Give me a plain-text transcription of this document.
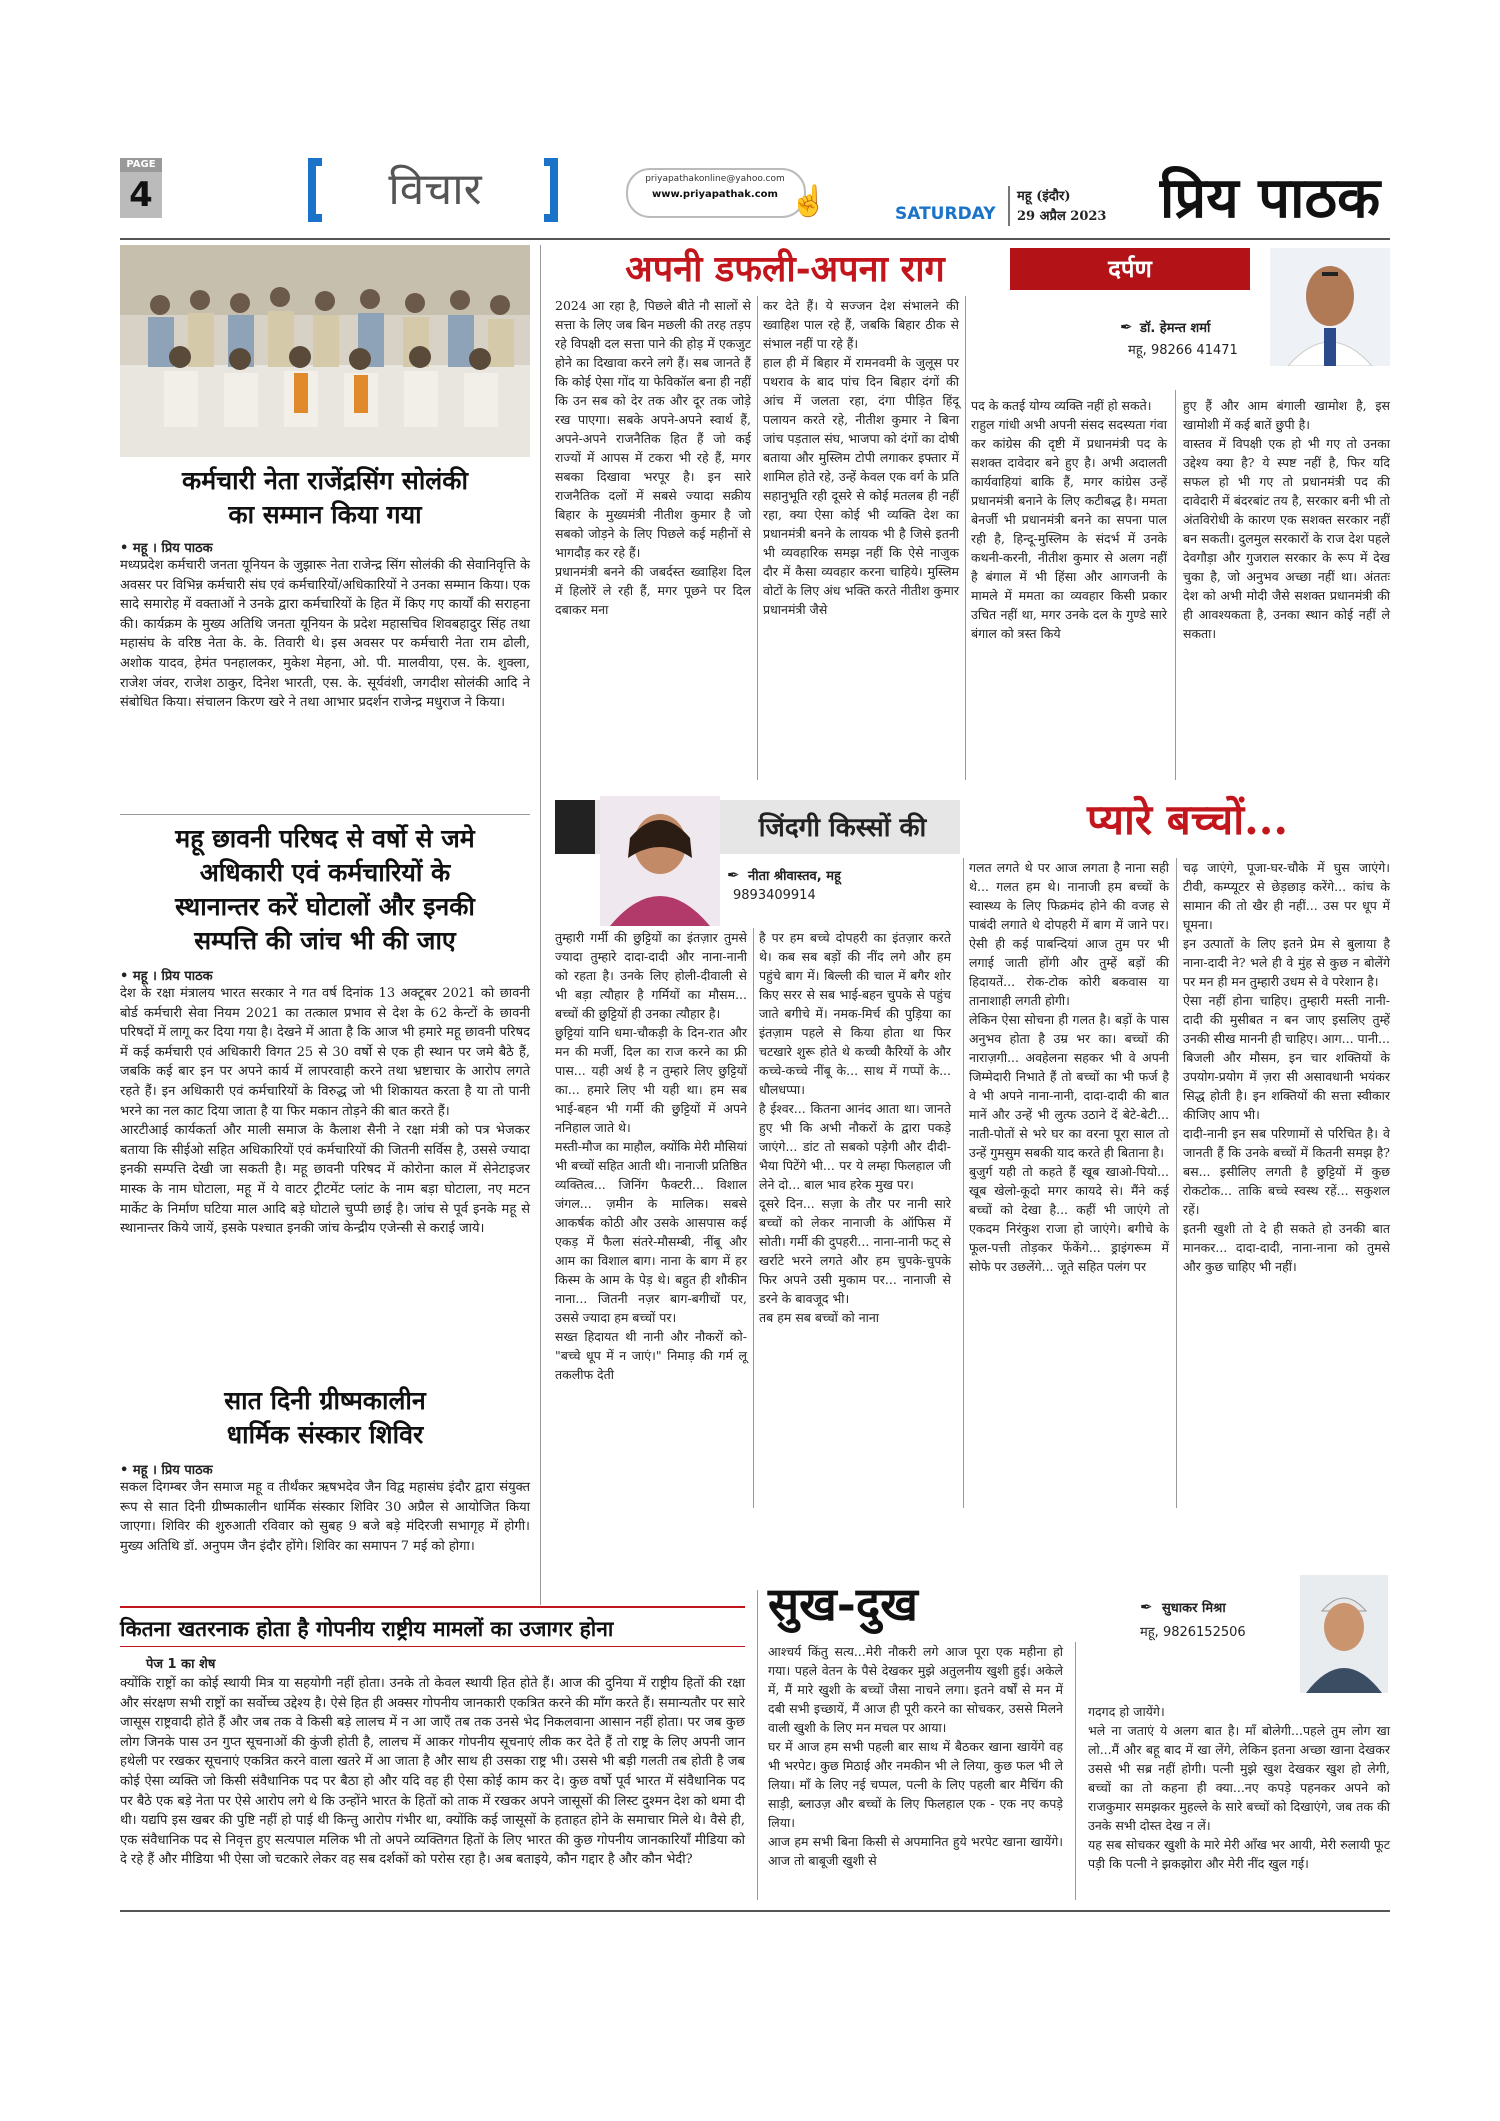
PAGE
4	विचार	priyapathakonline@yahoo.com
www.priyapathak.com ☝	SATURDAY
महू (इंदौर)
29 अप्रैल 2023 प्रिय पाठक
कर्मचारी नेता राजेंद्रसिंग सोलंकी
का सम्मान किया गया
• महू । प्रिय पाठक
मध्यप्रदेश कर्मचारी जनता यूनियन के जुझारू नेता राजेन्द्र सिंग सोलंकी की सेवानिवृत्ति के अवसर पर विभिन्न कर्मचारी संघ एवं कर्मचारियों/अधिकारियों ने उनका सम्मान किया। एक सादे समारोह में वक्ताओं ने उनके द्वारा कर्मचारियों के हित में किए गए कार्यों की सराहना की। कार्यक्रम के मुख्य अतिथि जनता यूनियन के प्रदेश महासचिव शिवबहादुर सिंह तथा महासंघ के वरिष्ठ नेता के. के. तिवारी थे। इस अवसर पर कर्मचारी नेता राम ढोली, अशोक यादव, हेमंत पनहालकर, मुकेश मेहना, ओ. पी. मालवीया, एस. के. शुक्ला, राजेश जंवर, राजेश ठाकुर, दिनेश भारती, एस. के. सूर्यवंशी, जगदीश सोलंकी आदि ने संबोधित किया। संचालन किरण खरे ने तथा आभार प्रदर्शन राजेन्द्र मधुराज ने किया।
महू छावनी परिषद से वर्षो से जमे
अधिकारी एवं कर्मचारियों के
स्थानान्तर करें घोटालों और इनकी
सम्पत्ति की जांच भी की जाए
• महू । प्रिय पाठक
देश के रक्षा मंत्रालय भारत सरकार ने गत वर्ष दिनांक 13 अक्टूबर 2021 को छावनी बोर्ड कर्मचारी सेवा नियम 2021 का तत्काल प्रभाव से देश के 62 केन्टों के छावनी परिषदों में लागू कर दिया गया है। देखने में आता है कि आज भी हमारे महू छावनी परिषद में कई कर्मचारी एवं अधिकारी विगत 25 से 30 वर्षो से एक ही स्थान पर जमे बैठे हैं, जबकि कई बार इन पर अपने कार्य में लापरवाही करने तथा भ्रष्टाचार के आरोप लगते रहते हैं। इन अधिकारी एवं कर्मचारियों के विरुद्ध जो भी शिकायत करता है या तो पानी भरने का नल काट दिया जाता है या फिर मकान तोड़ने की बात करते हैं।
आरटीआई कार्यकर्ता और माली समाज के कैलाश सैनी ने रक्षा मंत्री को पत्र भेजकर बताया कि सीईओ सहित अधिकारियों एवं कर्मचारियों की जितनी सर्विस है, उससे ज्यादा इनकी सम्पत्ति देखी जा सकती है। महू छावनी परिषद में कोरोना काल में सेनेटाइजर मास्क के नाम घोटाला, महू में ये वाटर ट्रीटमेंट प्लांट के नाम बड़ा घोटाला, नए मटन मार्केट के निर्माण घटिया माल आदि बड़े घोटाले चुप्पी छाई है। जांच से पूर्व इनके महू से स्थानान्तर किये जायें, इसके पश्चात इनकी जांच केन्द्रीय एजेन्सी से कराई जाये।
सात दिनी ग्रीष्मकालीन
धार्मिक संस्कार शिविर
• महू । प्रिय पाठक
सकल दिगम्बर जैन समाज महू व तीर्थंकर ऋषभदेव जैन विद्व महासंघ इंदौर द्वारा संयुक्त रूप से सात दिनी ग्रीष्मकालीन धार्मिक संस्कार शिविर 30 अप्रैल से आयोजित किया जाएगा। शिविर की शुरुआती रविवार को सुबह 9 बजे बड़े मंदिरजी सभागृह में होगी। मुख्य अतिथि डॉ. अनुपम जैन इंदौर होंगे। शिविर का समापन 7 मई को होगा।
अपनी डफली-अपना राग	दर्पण
✒ डॉ. हेमन्त शर्मा
महू, 98266 41471
2024 आ रहा है, पिछले बीते नौ सालों से सत्ता के लिए जब बिन मछली की तरह तड़प रहे विपक्षी दल सत्ता पाने की होड़ में एकजुट होने का दिखावा करने लगे हैं। सब जानते हैं कि कोई ऐसा गोंद या फेविकॉल बना ही नहीं कि उन सब को देर तक और दूर तक जोड़े रख पाएगा। सबके अपने-अपने स्वार्थ हैं, अपने-अपने राजनैतिक हित हैं जो कई राज्यों में आपस में टकरा भी रहे हैं, मगर सबका दिखावा भरपूर है। इन सारे राजनैतिक दलों में सबसे ज्यादा सक्रीय बिहार के मुख्यमंत्री नीतीश कुमार है जो सबको जोड़ने के लिए पिछले कई महीनों से भागदौड़ कर रहे हैं।
प्रधानमंत्री बनने की जबर्दस्त ख्वाहिश दिल में हिलोरें ले रही हैं, मगर पूछने पर दिल दबाकर मना
कर देते हैं। ये सज्जन देश संभालने की ख्वाहिश पाल रहे हैं, जबकि बिहार ठीक से संभाल नहीं पा रहे हैं।
हाल ही में बिहार में रामनवमी के जुलूस पर पथराव के बाद पांच दिन बिहार दंगों की आंच में जलता रहा, दंगा पीड़ित हिंदू पलायन करते रहे, नीतीश कुमार ने बिना जांच पड़ताल संघ, भाजपा को दंगों का दोषी बताया और मुस्लिम टोपी लगाकर इफ्तार में शामिल होते रहे, उन्हें केवल एक वर्ग के प्रति सहानुभूति रही दूसरे से कोई मतलब ही नहीं रहा, क्या ऐसा कोई भी व्यक्ति देश का प्रधानमंत्री बनने के लायक भी है जिसे इतनी भी व्यवहारिक समझ नहीं कि ऐसे नाजुक दौर में कैसा व्यवहार करना चाहिये। मुस्लिम वोटों के लिए अंध भक्ति करते नीतीश कुमार प्रधानमंत्री जैसे
पद के कतई योग्य व्यक्ति नहीं हो सकते।
राहुल गांधी अभी अपनी संसद सदस्यता गंवा कर कांग्रेस की दृष्टी में प्रधानमंत्री पद के सशक्त दावेदार बने हुए है। अभी अदालती कार्यवाहियां बाकि हैं, मगर कांग्रेस उन्हें प्रधानमंत्री बनाने के लिए कटीबद्ध है। ममता बेनर्जी भी प्रधानमंत्री बनने का सपना पाल रही है, हिन्दू-मुस्लिम के संदर्भ में उनके कथनी-करनी, नीतीश कुमार से अलग नहीं है बंगाल में भी हिंसा और आगजनी के मामले में ममता का व्यवहार किसी प्रकार उचित नहीं था, मगर उनके दल के गुण्डे सारे बंगाल को त्रस्त किये
हुए हैं और आम बंगाली खामोश है, इस खामोशी में कई बातें छुपी है।
वास्तव में विपक्षी एक हो भी गए तो उनका उद्देश्य क्या है? ये स्पष्ट नहीं है, फिर यदि सफल हो भी गए तो प्रधानमंत्री पद की दावेदारी में बंदरबांट तय है, सरकार बनी भी तो अंतविरोधी के कारण एक सशक्त सरकार नहीं बन सकती। दुलमुल सरकारों के राज देश पहले देवगौड़ा और गुजराल सरकार के रूप में देख चुका है, जो अनुभव अच्छा नहीं था। अंततः देश को अभी मोदी जैसे सशक्त प्रधानमंत्री की ही आवश्यकता है, उनका स्थान कोई नहीं ले सकता।
जिंदगी किस्सों की
✒ नीता श्रीवास्तव, महू
9893409914
प्यारे बच्चों...
तुम्हारी गर्मी की छुट्टियों का इंतज़ार तुमसे ज्यादा तुम्हारे दादा-दादी और नाना-नानी को रहता है। उनके लिए होली-दीवाली से भी बड़ा त्यौहार है गर्मियों का मौसम... बच्चों की छुट्टियों ही उनका त्यौहार है।
छुट्टियां यानि धमा-चौकड़ी के दिन-रात और मन की मर्जी, दिल का राज करने का फ्री पास... यही अर्थ है न तुम्हारे लिए छुट्टियों का... हमारे लिए भी यही था। हम सब भाई-बहन भी गर्मी की छुट्टियों में अपने ननिहाल जाते थे।
मस्ती-मौज का माहौल, क्योंकि मेरी मौसियां भी बच्चों सहित आती थी। नानाजी प्रतिष्ठित व्यक्तित्व... जिनिंग फैक्टरी... विशाल जंगल... ज़मीन के मालिक। सबसे आकर्षक कोठी और उसके आसपास कई एकड़ में फैला संतरे-मौसम्बी, नींबू और आम का विशाल बाग। नाना के बाग में हर किस्म के आम के पेड़ थे। बहुत ही शौकीन नाना... जितनी नज़र बाग-बगीचों पर, उससे ज्यादा हम बच्चों पर।
सख्त हिदायत थी नानी और नौकरों को- "बच्चे धूप में न जाएं।" निमाड़ की गर्म लू तकलीफ देती
है पर हम बच्चे दोपहरी का इंतज़ार करते थे। कब सब बड़ों की नींद लगे और हम पहुंचे बाग में। बिल्ली की चाल में बगैर शोर किए सरर से सब भाई-बहन चुपके से पहुंच जाते बगीचे में। नमक-मिर्च की पुड़िया का इंतज़ाम पहले से किया होता था फिर चटखारे शुरू होते थे कच्ची कैरियों के और कच्चे-कच्चे नींबू के... साथ में गप्पों के... धौलधप्पा।
है ईश्वर... कितना आनंद आता था। जानते हुए भी कि अभी नौकरों के द्वारा पकड़े जाएंगे... डांट तो सबको पड़ेगी और दीदी-भैया पिटेंगे भी... पर ये लम्हा फिलहाल जी लेने दो... बाल भाव हरेक मुख पर।
दूसरे दिन... सज़ा के तौर पर नानी सारे बच्चों को लेकर नानाजी के ऑफिस में सोती। गर्मी की दुपहरी... नाना-नानी फट् से खर्राटे भरने लगते और हम चुपके-चुपके फिर अपने उसी मुकाम पर... नानाजी से डरने के बावजूद भी।
तब हम सब बच्चों को नाना
गलत लगते थे पर आज लगता है नाना सही थे... गलत हम थे। नानाजी हम बच्चों के स्वास्थ्य के लिए फिक्रमंद होने की वजह से पाबंदी लगाते थे दोपहरी में बाग में जाने पर। ऐसी ही कई पाबन्दियां आज तुम पर भी लगाई जाती होंगी और तुम्हें बड़ों की हिदायतें... रोक-टोक कोरी बकवास या तानाशाही लगती होगी।
लेकिन ऐसा सोचना ही गलत है। बड़ों के पास अनुभव होता है उम्र भर का। बच्चों की नाराज़गी... अवहेलना सहकर भी वे अपनी जिम्मेदारी निभाते हैं तो बच्चों का भी फर्ज है वे भी अपने नाना-नानी, दादा-दादी की बात मानें और उन्हें भी लुत्फ उठाने दें बेटे-बेटी... नाती-पोतों से भरे घर का वरना पूरा साल तो उन्हें गुमसुम सबकी याद करते ही बिताना है।
बुजुर्ग यही तो कहते हैं खूब खाओ-पियो... खूब खेलो-कूदो मगर कायदे से। मैंने कई बच्चों को देखा है... कहीं भी जाएंगे तो एकदम निरंकुश राजा हो जाएंगे। बगीचे के फूल-पत्ती तोड़कर फेंकेंगे... ड्राइंगरूम में सोफे पर उछलेंगे... जूते सहित पलंग पर
चढ़ जाएंगे, पूजा-घर-चौके में घुस जाएंगे। टीवी, कम्प्यूटर से छेड़छाड़ करेंगे... कांच के सामान की तो खैर ही नहीं... उस पर धूप में घूमना।
इन उत्पातों के लिए इतने प्रेम से बुलाया है नाना-दादी ने? भले ही वे मुंह से कुछ न बोलेंगे पर मन ही मन तुम्हारी उधम से वे परेशान है।
ऐसा नहीं होना चाहिए। तुम्हारी मस्ती नानी-दादी की मुसीबत न बन जाए इसलिए तुम्हें उनकी सीख माननी ही चाहिए। आग... पानी... बिजली और मौसम, इन चार शक्तियों के उपयोग-प्रयोग में ज़रा सी असावधानी भयंकर सिद्ध होती है। इन शक्तियों की सत्ता स्वीकार कीजिए आप भी।
दादी-नानी इन सब परिणामों से परिचित है। वे जानती हैं कि उनके बच्चों में कितनी समझ है? बस... इसीलिए लगती है छुट्टियों में कुछ रोकटोक... ताकि बच्चे स्वस्थ रहें... सकुशल रहें।
इतनी खुशी तो दे ही सकते हो उनकी बात मानकर... दादा-दादी, नाना-नाना को तुमसे और कुछ चाहिए भी नहीं।
कितना खतरनाक होता है गोपनीय राष्ट्रीय मामलों का उजागर होना
पेज 1 का शेष
क्योंकि राष्ट्रों का कोई स्थायी मित्र या सहयोगी नहीं होता। उनके तो केवल स्थायी हित होते हैं। आज की दुनिया में राष्ट्रीय हितों की रक्षा और संरक्षण सभी राष्ट्रों का सर्वोच्च उद्देश्य है। ऐसे हित ही अक्सर गोपनीय जानकारी एकत्रित करने की माँग करते हैं। समान्यतौर पर सारे जासूस राष्ट्रवादी होते हैं और जब तक वे किसी बड़े लालच में न आ जाएँ तब तक उनसे भेद निकलवाना आसान नहीं होता। पर जब कुछ लोग जिनके पास उन गुप्त सूचनाओं की कुंजी होती है, लालच में आकर गोपनीय सूचनाएं लीक कर देते हैं तो राष्ट्र के लिए अपनी जान हथेली पर रखकर सूचनाएं एकत्रित करने वाला खतरे में आ जाता है और साथ ही उसका राष्ट्र भी। उससे भी बड़ी गलती तब होती है जब कोई ऐसा व्यक्ति जो किसी संवैधानिक पद पर बैठा हो और यदि वह ही ऐसा कोई काम कर दे। कुछ वर्षो पूर्व भारत में संवैधानिक पद पर बैठे एक बड़े नेता पर ऐसे आरोप लगे थे कि उन्होंने भारत के हितों को ताक में रखकर अपने जासूसों की लिस्ट दुश्मन देश को थमा दी थी। यद्यपि इस खबर की पुष्टि नहीं हो पाई थी किन्तु आरोप गंभीर था, क्योंकि कई जासूसों के हताहत होने के समाचार मिले थे। वैसे ही, एक संवैधानिक पद से निवृत्त हुए सत्यपाल मलिक भी तो अपने व्यक्तिगत हितों के लिए भारत की कुछ गोपनीय जानकारियाँ मीडिया को दे रहे हैं और मीडिया भी ऐसा जो चटकारे लेकर वह सब दर्शकों को परोस रहा है। अब बताइये, कौन गद्दार है और कौन भेदी?
सुख-दुख	✒ सुधाकर मिश्रा
महू, 9826152506
आश्चर्य किंतु सत्य...मेरी नौकरी लगे आज पूरा एक महीना हो गया। पहले वेतन के पैसे देखकर मुझे अतुलनीय खुशी हुई। अकेले में, मैं मारे खुशी के बच्चों जैसा नाचने लगा। इतने वर्षों से मन में दबी सभी इच्छायें, मैं आज ही पूरी करने का सोचकर, उससे मिलने वाली खुशी के लिए मन मचल पर आया।
घर में आज हम सभी पहली बार साथ में बैठकर खाना खायेंगे वह भी भरपेट। कुछ मिठाई और नमकीन भी ले लिया, कुछ फल भी ले लिया। माँ के लिए नई चप्पल, पत्नी के लिए पहली बार मैचिंग की साड़ी, ब्लाउज़ और बच्चों के लिए फिलहाल एक - एक नए कपड़े लिया।
आज हम सभी बिना किसी से अपमानित हुये भरपेट खाना खायेंगे। आज तो बाबूजी खुशी से
गदगद हो जायेंगे।
भले ना जताएं ये अलग बात है। माँ बोलेगी...पहले तुम लोग खा लो...मैं और बहू बाद में खा लेंगे, लेकिन इतना अच्छा खाना देखकर उससे भी सब्र नहीं होगी। पत्नी मुझे खुश देखकर खुश हो लेगी, बच्चों का तो कहना ही क्या...नए कपड़े पहनकर अपने को राजकुमार समझकर मुहल्ले के सारे बच्चों को दिखाएंगे, जब तक की उनके सभी दोस्त देख न लें।
यह सब सोचकर खुशी के मारे मेरी आँख भर आयी, मेरी रुलायी फूट पड़ी कि पत्नी ने झकझोरा और मेरी नींद खुल गई।
